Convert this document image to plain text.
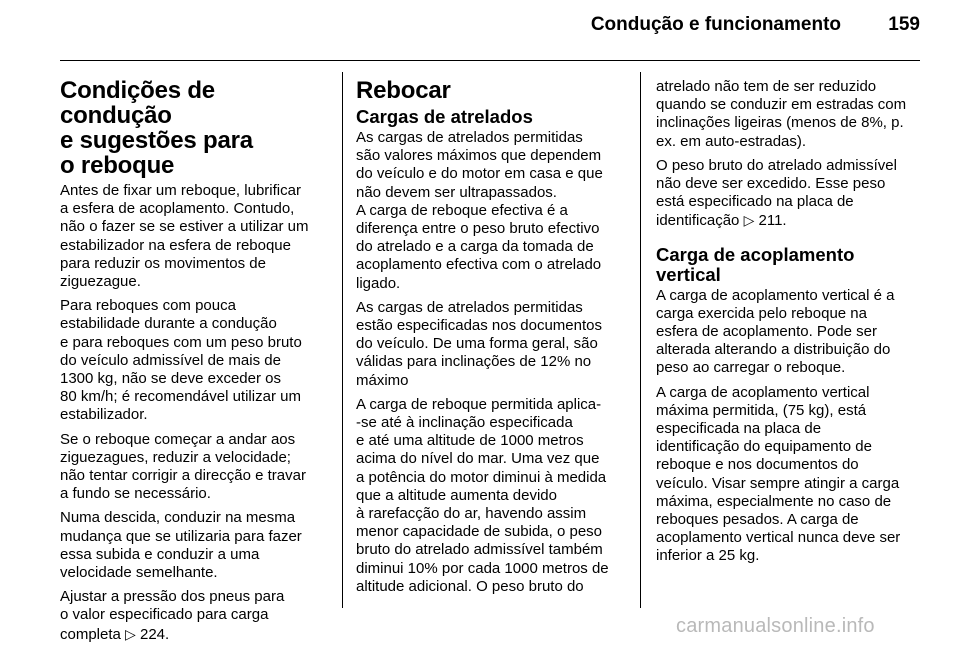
Condução e funcionamento 159
Condições de condução
e sugestões para
o reboque

Antes de fixar um reboque, lubrificar
a esfera de acoplamento. Contudo,
não o fazer se se estiver a utilizar um
estabilizador na esfera de reboque
para reduzir os movimentos de
ziguezague.

Para reboques com pouca
estabilidade durante a condução
e para reboques com um peso bruto
do veículo admissível de mais de
1300 kg, não se deve exceder os
80 km/h; é recomendável utilizar um
estabilizador.

Se o reboque começar a andar aos
ziguezagues, reduzir a velocidade;
não tentar corrigir a direcção e travar
a fundo se necessário.

Numa descida, conduzir na mesma
mudança que se utilizaria para fazer
essa subida e conduzir a uma
velocidade semelhante.

Ajustar a pressão dos pneus para
o valor especificado para carga
completa ▷ 224.

Rebocar
Cargas de atrelados

As cargas de atrelados permitidas
são valores máximos que dependem
do veículo e do motor em casa e que
não devem ser ultrapassados.
A carga de reboque efectiva é a
diferença entre o peso bruto efectivo
do atrelado e a carga da tomada de
acoplamento efectiva com o atrelado
ligado.

As cargas de atrelados permitidas
estão especificadas nos documentos
do veículo. De uma forma geral, são
válidas para inclinações de 12% no
máximo

A carga de reboque permitida aplica-
-se até à inclinação especificada
e até uma altitude de 1000 metros
acima do nível do mar. Uma vez que
a potência do motor diminui à medida
que a altitude aumenta devido
à rarefacção do ar, havendo assim
menor capacidade de subida, o peso
bruto do atrelado admissível também
diminui 10% por cada 1000 metros de
altitude adicional. O peso bruto do

atrelado não tem de ser reduzido
quando se conduzir em estradas com
inclinações ligeiras (menos de 8%, p.
ex. em auto-estradas).

O peso bruto do atrelado admissível
não deve ser excedido. Esse peso
está especificado na placa de
identificação ▷ 211.

Carga de acoplamento vertical

A carga de acoplamento vertical é a
carga exercida pelo reboque na
esfera de acoplamento. Pode ser
alterada alterando a distribuição do
peso ao carregar o reboque.

A carga de acoplamento vertical
máxima permitida, (75 kg), está
especificada na placa de
identificação do equipamento de
reboque e nos documentos do
veículo. Visar sempre atingir a carga
máxima, especialmente no caso de
reboques pesados. A carga de
acoplamento vertical nunca deve ser
inferior a 25 kg.

carmanualsonline.info
